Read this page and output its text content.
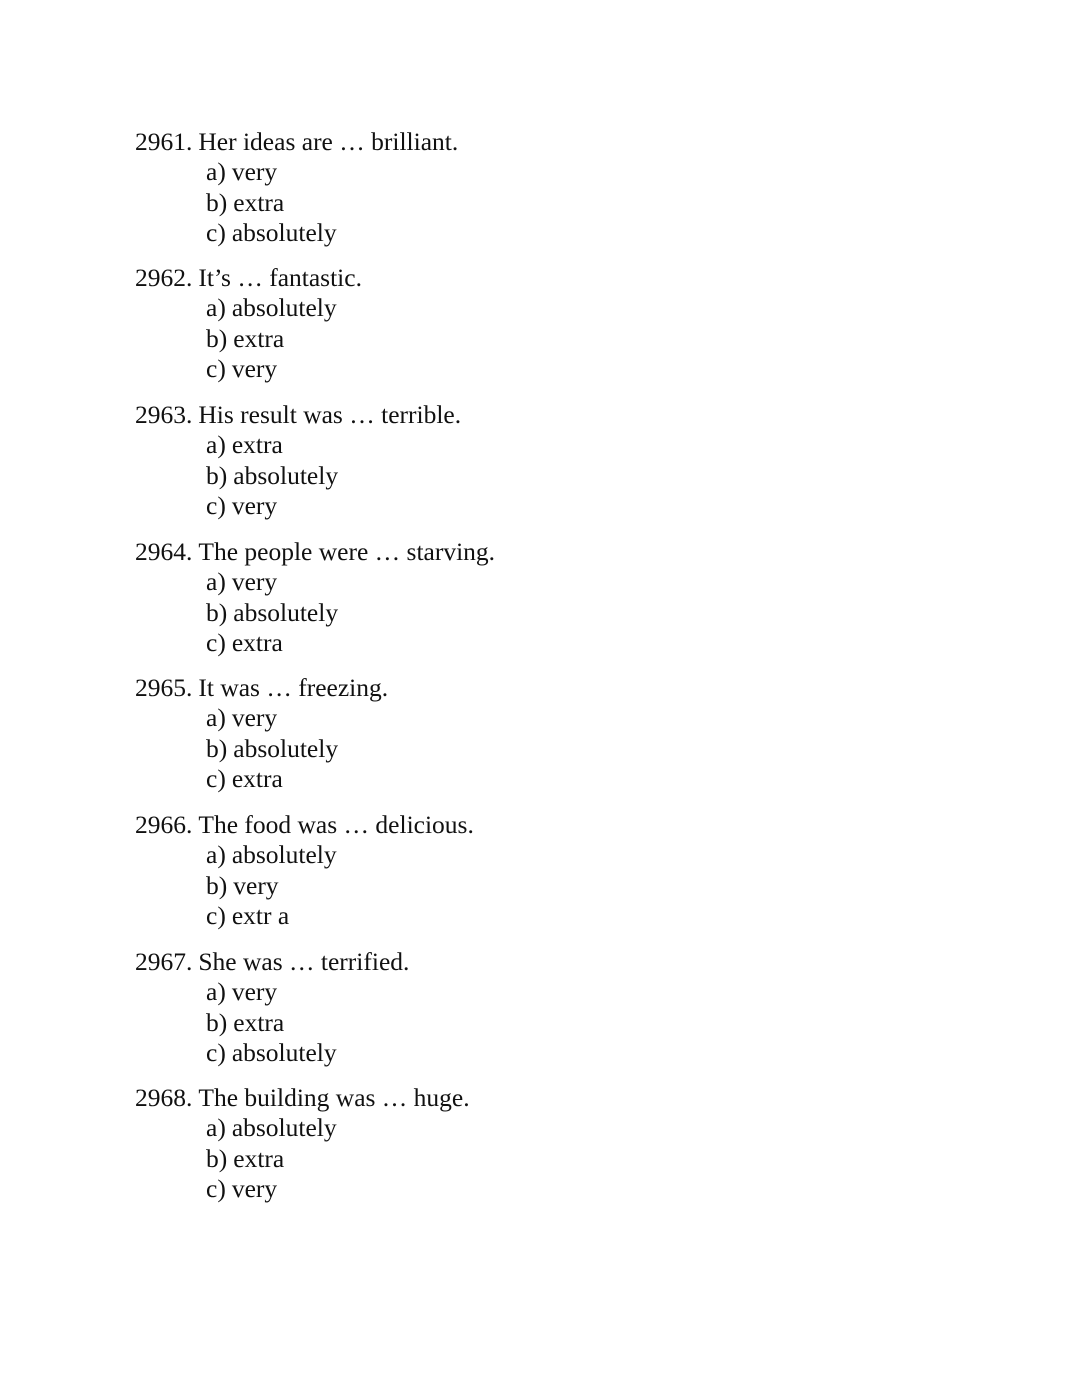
2961. Her ideas are … brilliant.
a) very
b) extra
c) absolutely
2962. It’s … fantastic.
a) absolutely
b) extra
c) very
2963. His result was … terrible.
a) extra
b) absolutely
c) very
2964. The people were … starving.
a) very
b) absolutely
c) extra
2965. It was … freezing.
a) very
b) absolutely
c) extra
2966. The food was … delicious.
a) absolutely
b) very
c) extr a
2967. She was … terrified.
a) very
b) extra
c) absolutely
2968. The building was … huge.
a) absolutely
b) extra
c) very
